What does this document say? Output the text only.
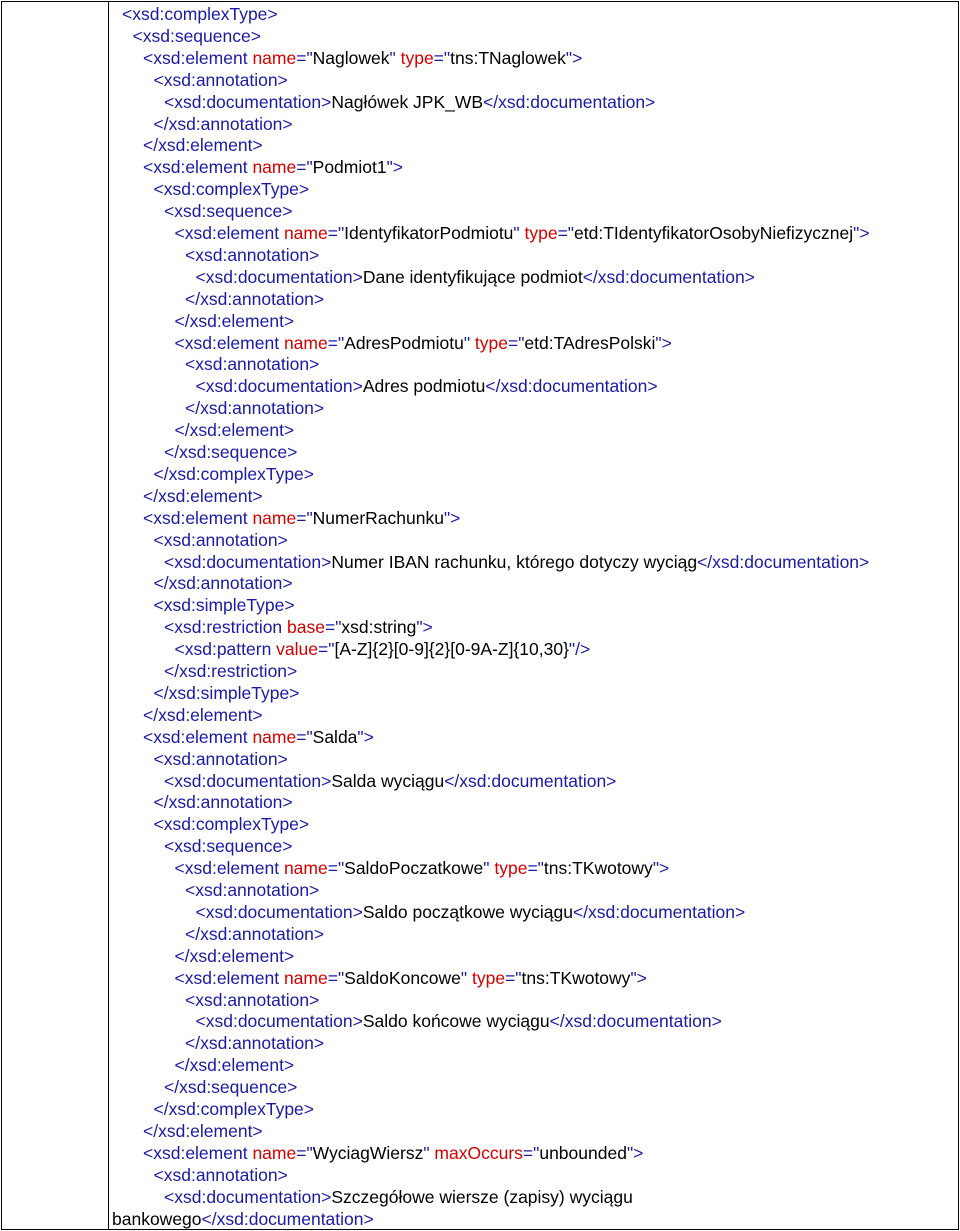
<xsd:complexType>
<xsd:sequence>
<xsd:element name="Naglowek" type="tns:TNaglowek">
<xsd:annotation>
<xsd:documentation>Nagłówek JPK_WB</xsd:documentation>
</xsd:annotation>
</xsd:element>
<xsd:element name="Podmiot1">
<xsd:complexType>
<xsd:sequence>
<xsd:element name="IdentyfikatorPodmiotu" type="etd:TIdentyfikatorOsobyNiefizycznej">
<xsd:annotation>
<xsd:documentation>Dane identyfikujące podmiot</xsd:documentation>
</xsd:annotation>
</xsd:element>
<xsd:element name="AdresPodmiotu" type="etd:TAdresPolski">
<xsd:annotation>
<xsd:documentation>Adres podmiotu</xsd:documentation>
</xsd:annotation>
</xsd:element>
</xsd:sequence>
</xsd:complexType>
</xsd:element>
<xsd:element name="NumerRachunku">
<xsd:annotation>
<xsd:documentation>Numer IBAN rachunku, którego dotyczy wyciąg</xsd:documentation>
</xsd:annotation>
<xsd:simpleType>
<xsd:restriction base="xsd:string">
<xsd:pattern value="[A-Z]{2}[0-9]{2}[0-9A-Z]{10,30}"/>
</xsd:restriction>
</xsd:simpleType>
</xsd:element>
<xsd:element name="Salda">
<xsd:annotation>
<xsd:documentation>Salda wyciągu</xsd:documentation>
</xsd:annotation>
<xsd:complexType>
<xsd:sequence>
<xsd:element name="SaldoPoczatkowe" type="tns:TKwotowy">
<xsd:annotation>
<xsd:documentation>Saldo początkowe wyciągu</xsd:documentation>
</xsd:annotation>
</xsd:element>
<xsd:element name="SaldoKoncowe" type="tns:TKwotowy">
<xsd:annotation>
<xsd:documentation>Saldo końcowe wyciągu</xsd:documentation>
</xsd:annotation>
</xsd:element>
</xsd:sequence>
</xsd:complexType>
</xsd:element>
<xsd:element name="WyciagWiersz" maxOccurs="unbounded">
<xsd:annotation>
<xsd:documentation>Szczegółowe wiersze (zapisy) wyciągu
bankowego</xsd:documentation>
